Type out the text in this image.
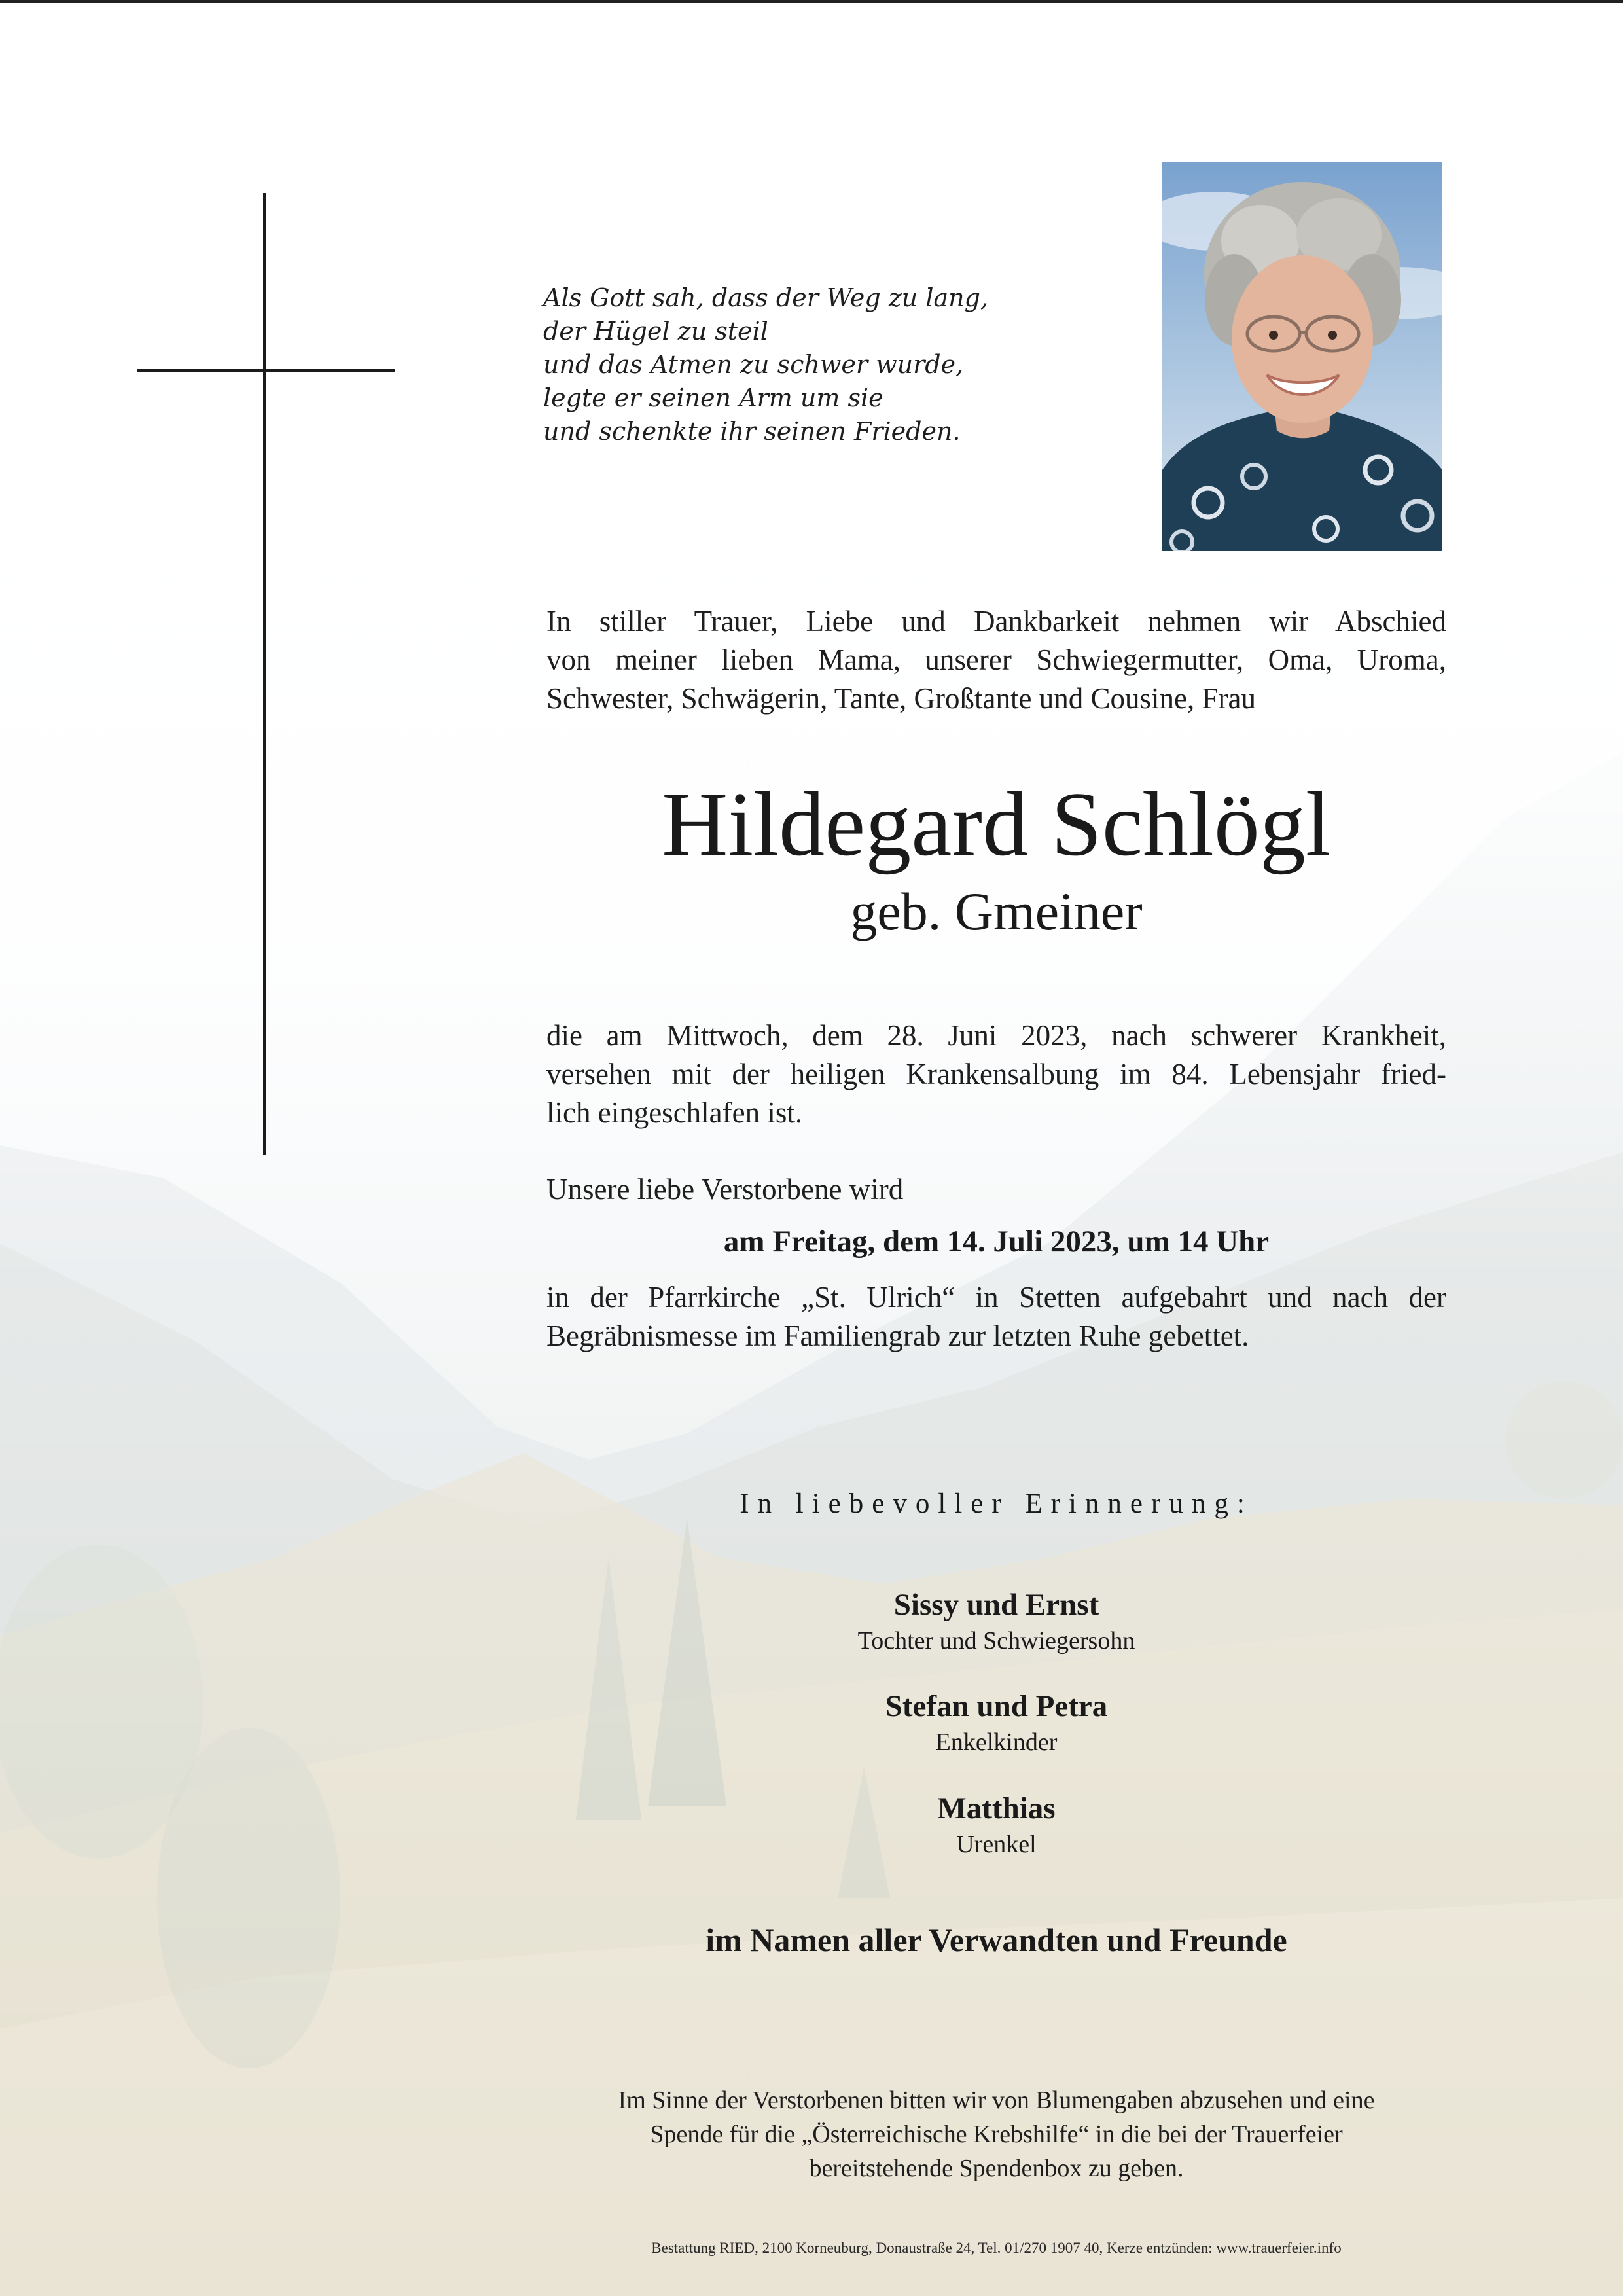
Als Gott sah, dass der Weg zu lang,
der Hügel zu steil
und das Atmen zu schwer wurde,
legte er seinen Arm um sie
und schenkte ihr seinen Frieden.
In stiller Trauer, Liebe und Dankbarkeit nehmen wir Abschied
von meiner lieben Mama, unserer Schwiegermutter, Oma, Uroma,
Schwester, Schwägerin, Tante, Großtante und Cousine, Frau
Hildegard Schlögl
geb. Gmeiner
die am Mittwoch, dem 28. Juni 2023, nach schwerer Krankheit,
versehen mit der heiligen Krankensalbung im 84. Lebensjahr fried-
lich eingeschlafen ist.
Unsere liebe Verstorbene wird
am Freitag, dem 14. Juli 2023, um 14 Uhr
in der Pfarrkirche „St. Ulrich“ in Stetten aufgebahrt und nach der
Begräbnismesse im Familiengrab zur letzten Ruhe gebettet.
In liebevoller Erinnerung:
Sissy und Ernst
Tochter und Schwiegersohn
Stefan und Petra
Enkelkinder
Matthias
Urenkel
im Namen aller Verwandten und Freunde
Im Sinne der Verstorbenen bitten wir von Blumengaben abzusehen und eine
Spende für die „Österreichische Krebshilfe“ in die bei der Trauerfeier
bereitstehende Spendenbox zu geben.
Bestattung RIED, 2100 Korneuburg, Donaustraße 24, Tel. 01/270 1907 40, Kerze entzünden: www.trauerfeier.info
